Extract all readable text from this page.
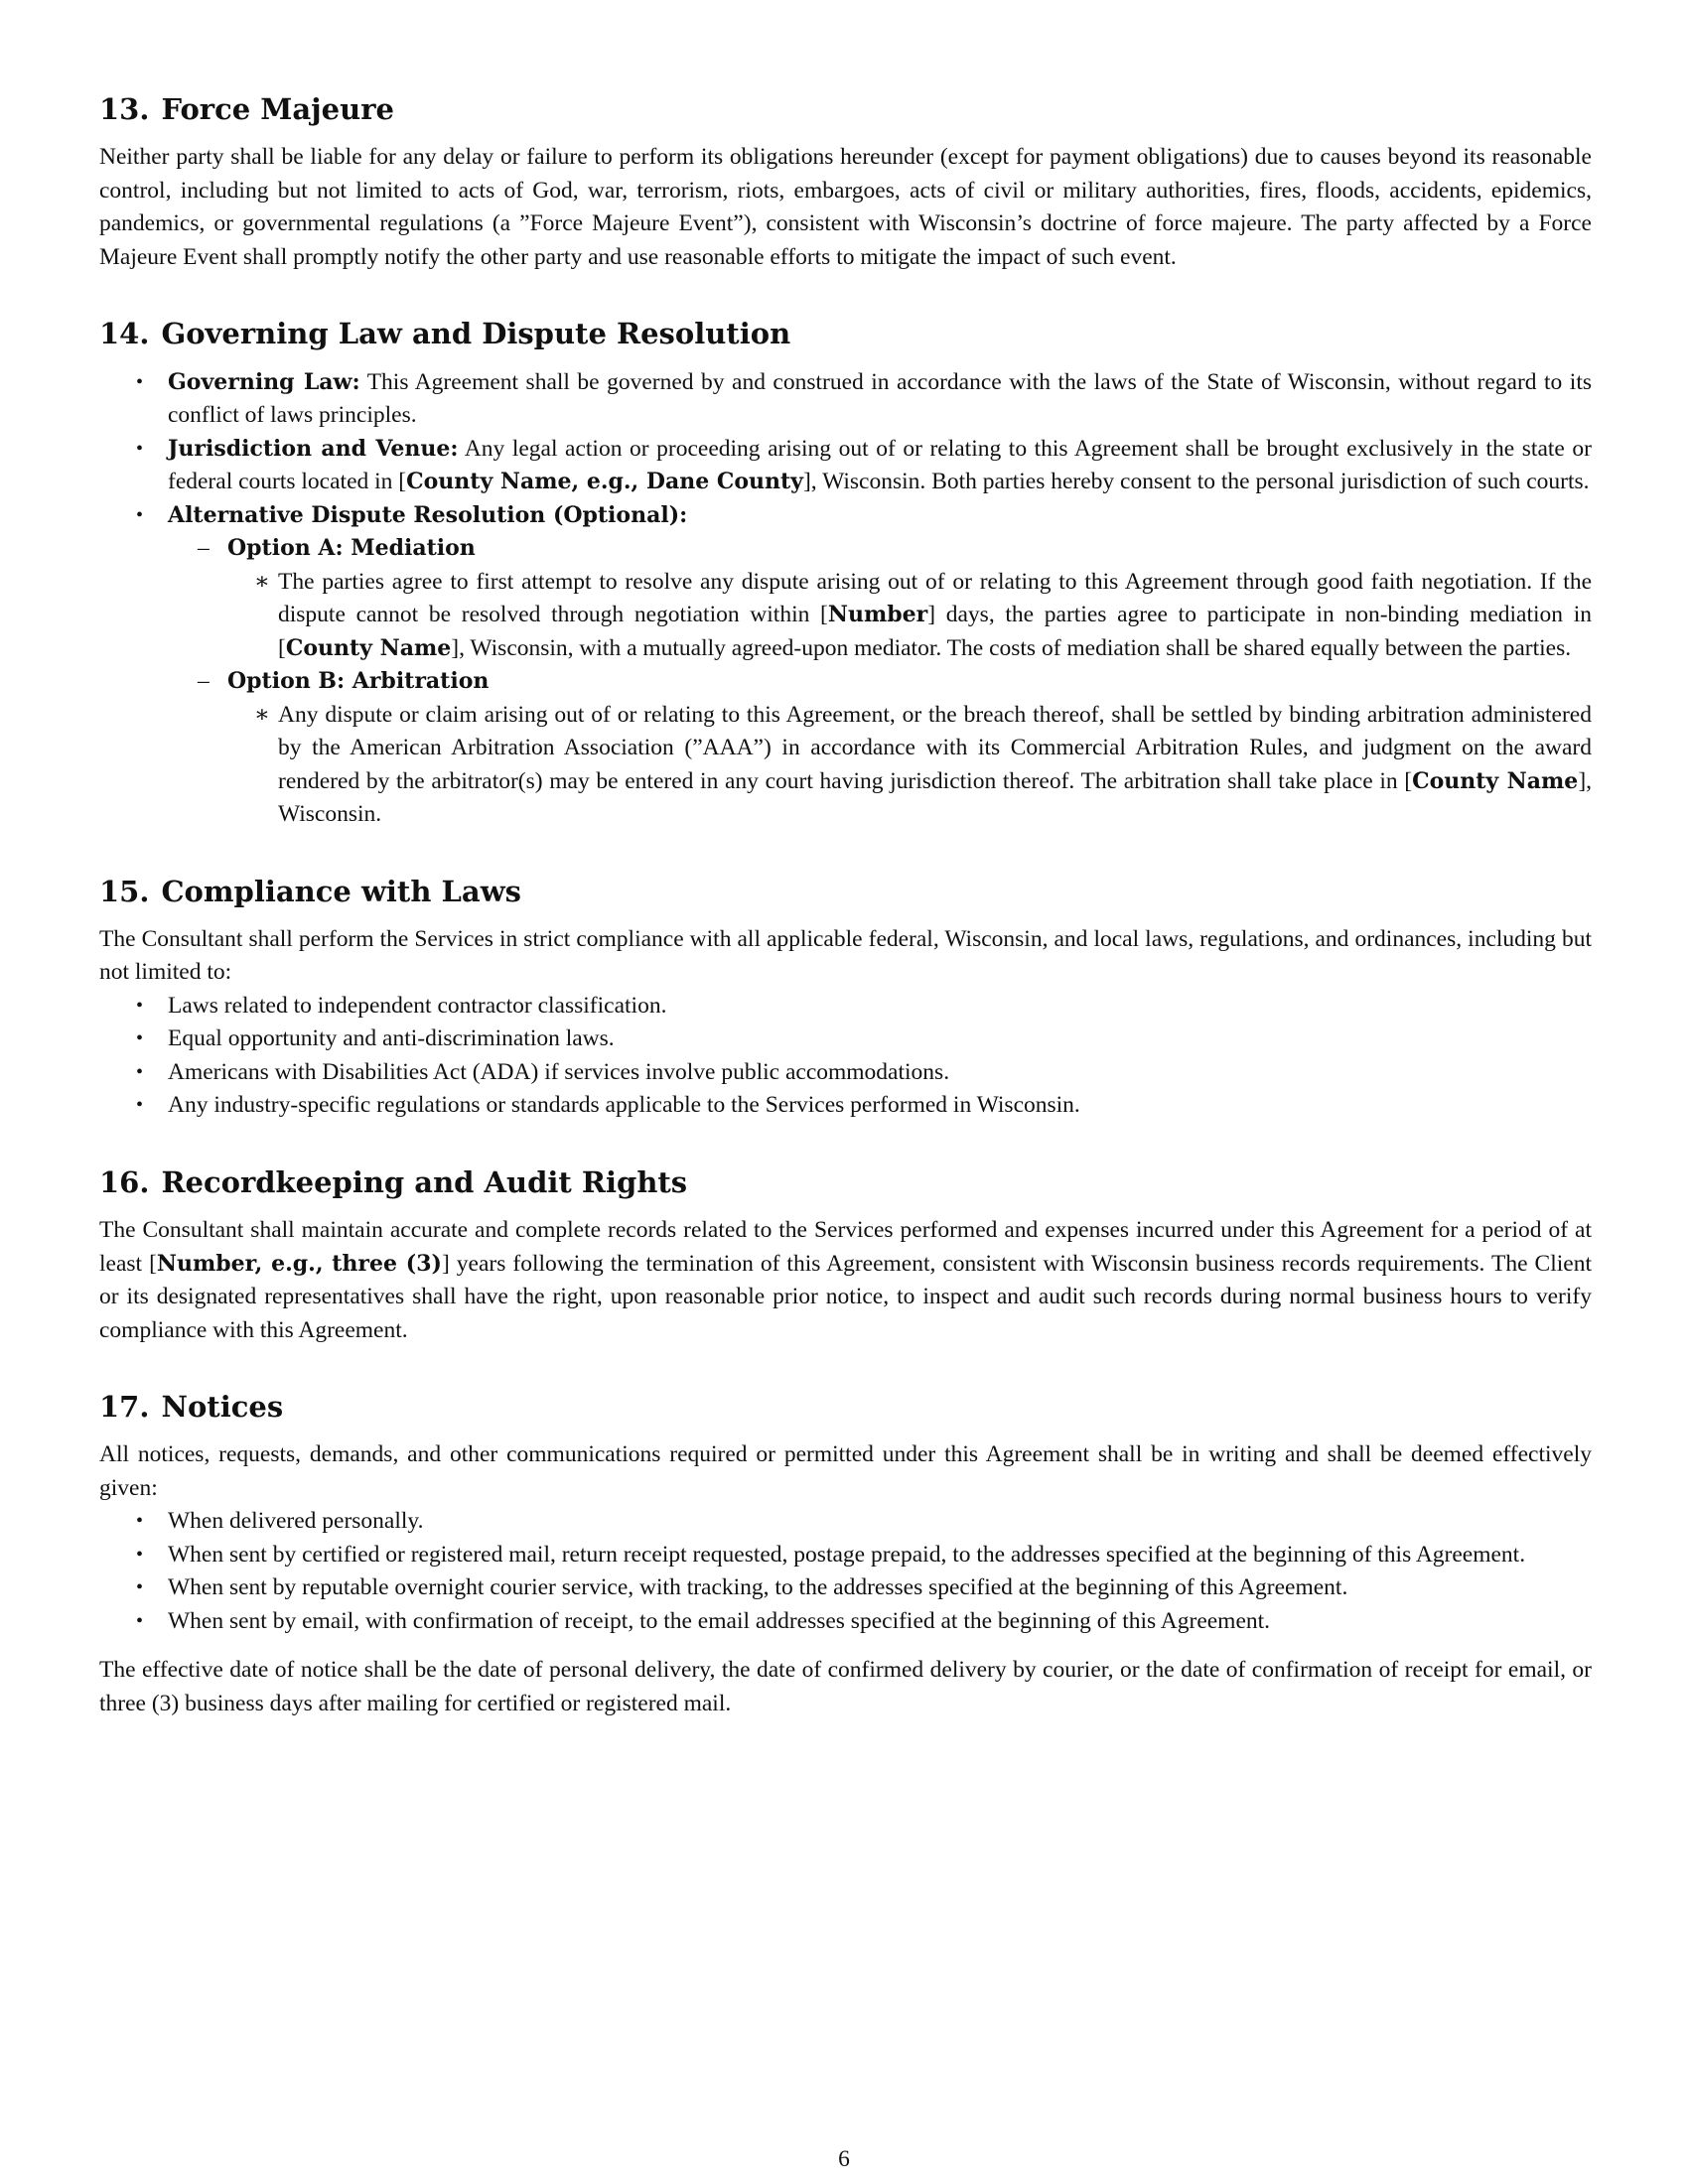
13. Force Majeure

Neither party shall be liable for any delay or failure to perform its obligations hereunder (except for payment obligations) due to causes beyond its reasonable control, including but not limited to acts of God, war, terrorism, riots, embargoes, acts of civil or military authorities, fires, floods, accidents, epidemics, pandemics, or governmental regulations (a ”Force Majeure Event”), consistent with Wisconsin’s doctrine of force majeure. The party affected by a Force Majeure Event shall promptly notify the other party and use reasonable efforts to mitigate the impact of such event.

14. Governing Law and Dispute Resolution
• Governing Law: This Agreement shall be governed by and construed in accordance with the laws of the State of Wisconsin, without regard to its conflict of laws principles.
• Jurisdiction and Venue: Any legal action or proceeding arising out of or relating to this Agreement shall be brought exclusively in the state or federal courts located in [County Name, e.g., Dane County], Wisconsin. Both parties hereby consent to the personal jurisdiction of such courts.
• Alternative Dispute Resolution (Optional):
– Option A: Mediation
∗ The parties agree to first attempt to resolve any dispute arising out of or relating to this Agreement through good faith negotiation. If the dispute cannot be resolved through negotiation within [Number] days, the parties agree to participate in non-binding mediation in [County Name], Wisconsin, with a mutually agreed-upon mediator. The costs of mediation shall be shared equally between the parties.
– Option B: Arbitration
∗ Any dispute or claim arising out of or relating to this Agreement, or the breach thereof, shall be settled by binding arbitration administered by the American Arbitration Association (”AAA”) in accordance with its Commercial Arbitration Rules, and judgment on the award rendered by the arbitrator(s) may be entered in any court having jurisdiction thereof. The arbitration shall take place in [County Name], Wisconsin.
15. Compliance with Laws

The Consultant shall perform the Services in strict compliance with all applicable federal, Wisconsin, and local laws, regulations, and ordinances, including but not limited to:

• Laws related to independent contractor classification.
• Equal opportunity and anti-discrimination laws.
• Americans with Disabilities Act (ADA) if services involve public accommodations.
• Any industry-specific regulations or standards applicable to the Services performed in Wisconsin.
16. Recordkeeping and Audit Rights

The Consultant shall maintain accurate and complete records related to the Services performed and expenses incurred under this Agreement for a period of at least [Number, e.g., three (3)] years following the termination of this Agreement, consistent with Wisconsin business records requirements. The Client or its designated representatives shall have the right, upon reasonable prior notice, to inspect and audit such records during normal business hours to verify compliance with this Agreement.

17. Notices

All notices, requests, demands, and other communications required or permitted under this Agreement shall be in writing and shall be deemed effectively given:

• When delivered personally.
• When sent by certified or registered mail, return receipt requested, postage prepaid, to the addresses specified at the beginning of this Agreement.
• When sent by reputable overnight courier service, with tracking, to the addresses specified at the beginning of this Agreement.
• When sent by email, with confirmation of receipt, to the email addresses specified at the beginning of this Agreement.

The effective date of notice shall be the date of personal delivery, the date of confirmed delivery by courier, or the date of confirmation of receipt for email, or three (3) business days after mailing for certified or registered mail.

6
